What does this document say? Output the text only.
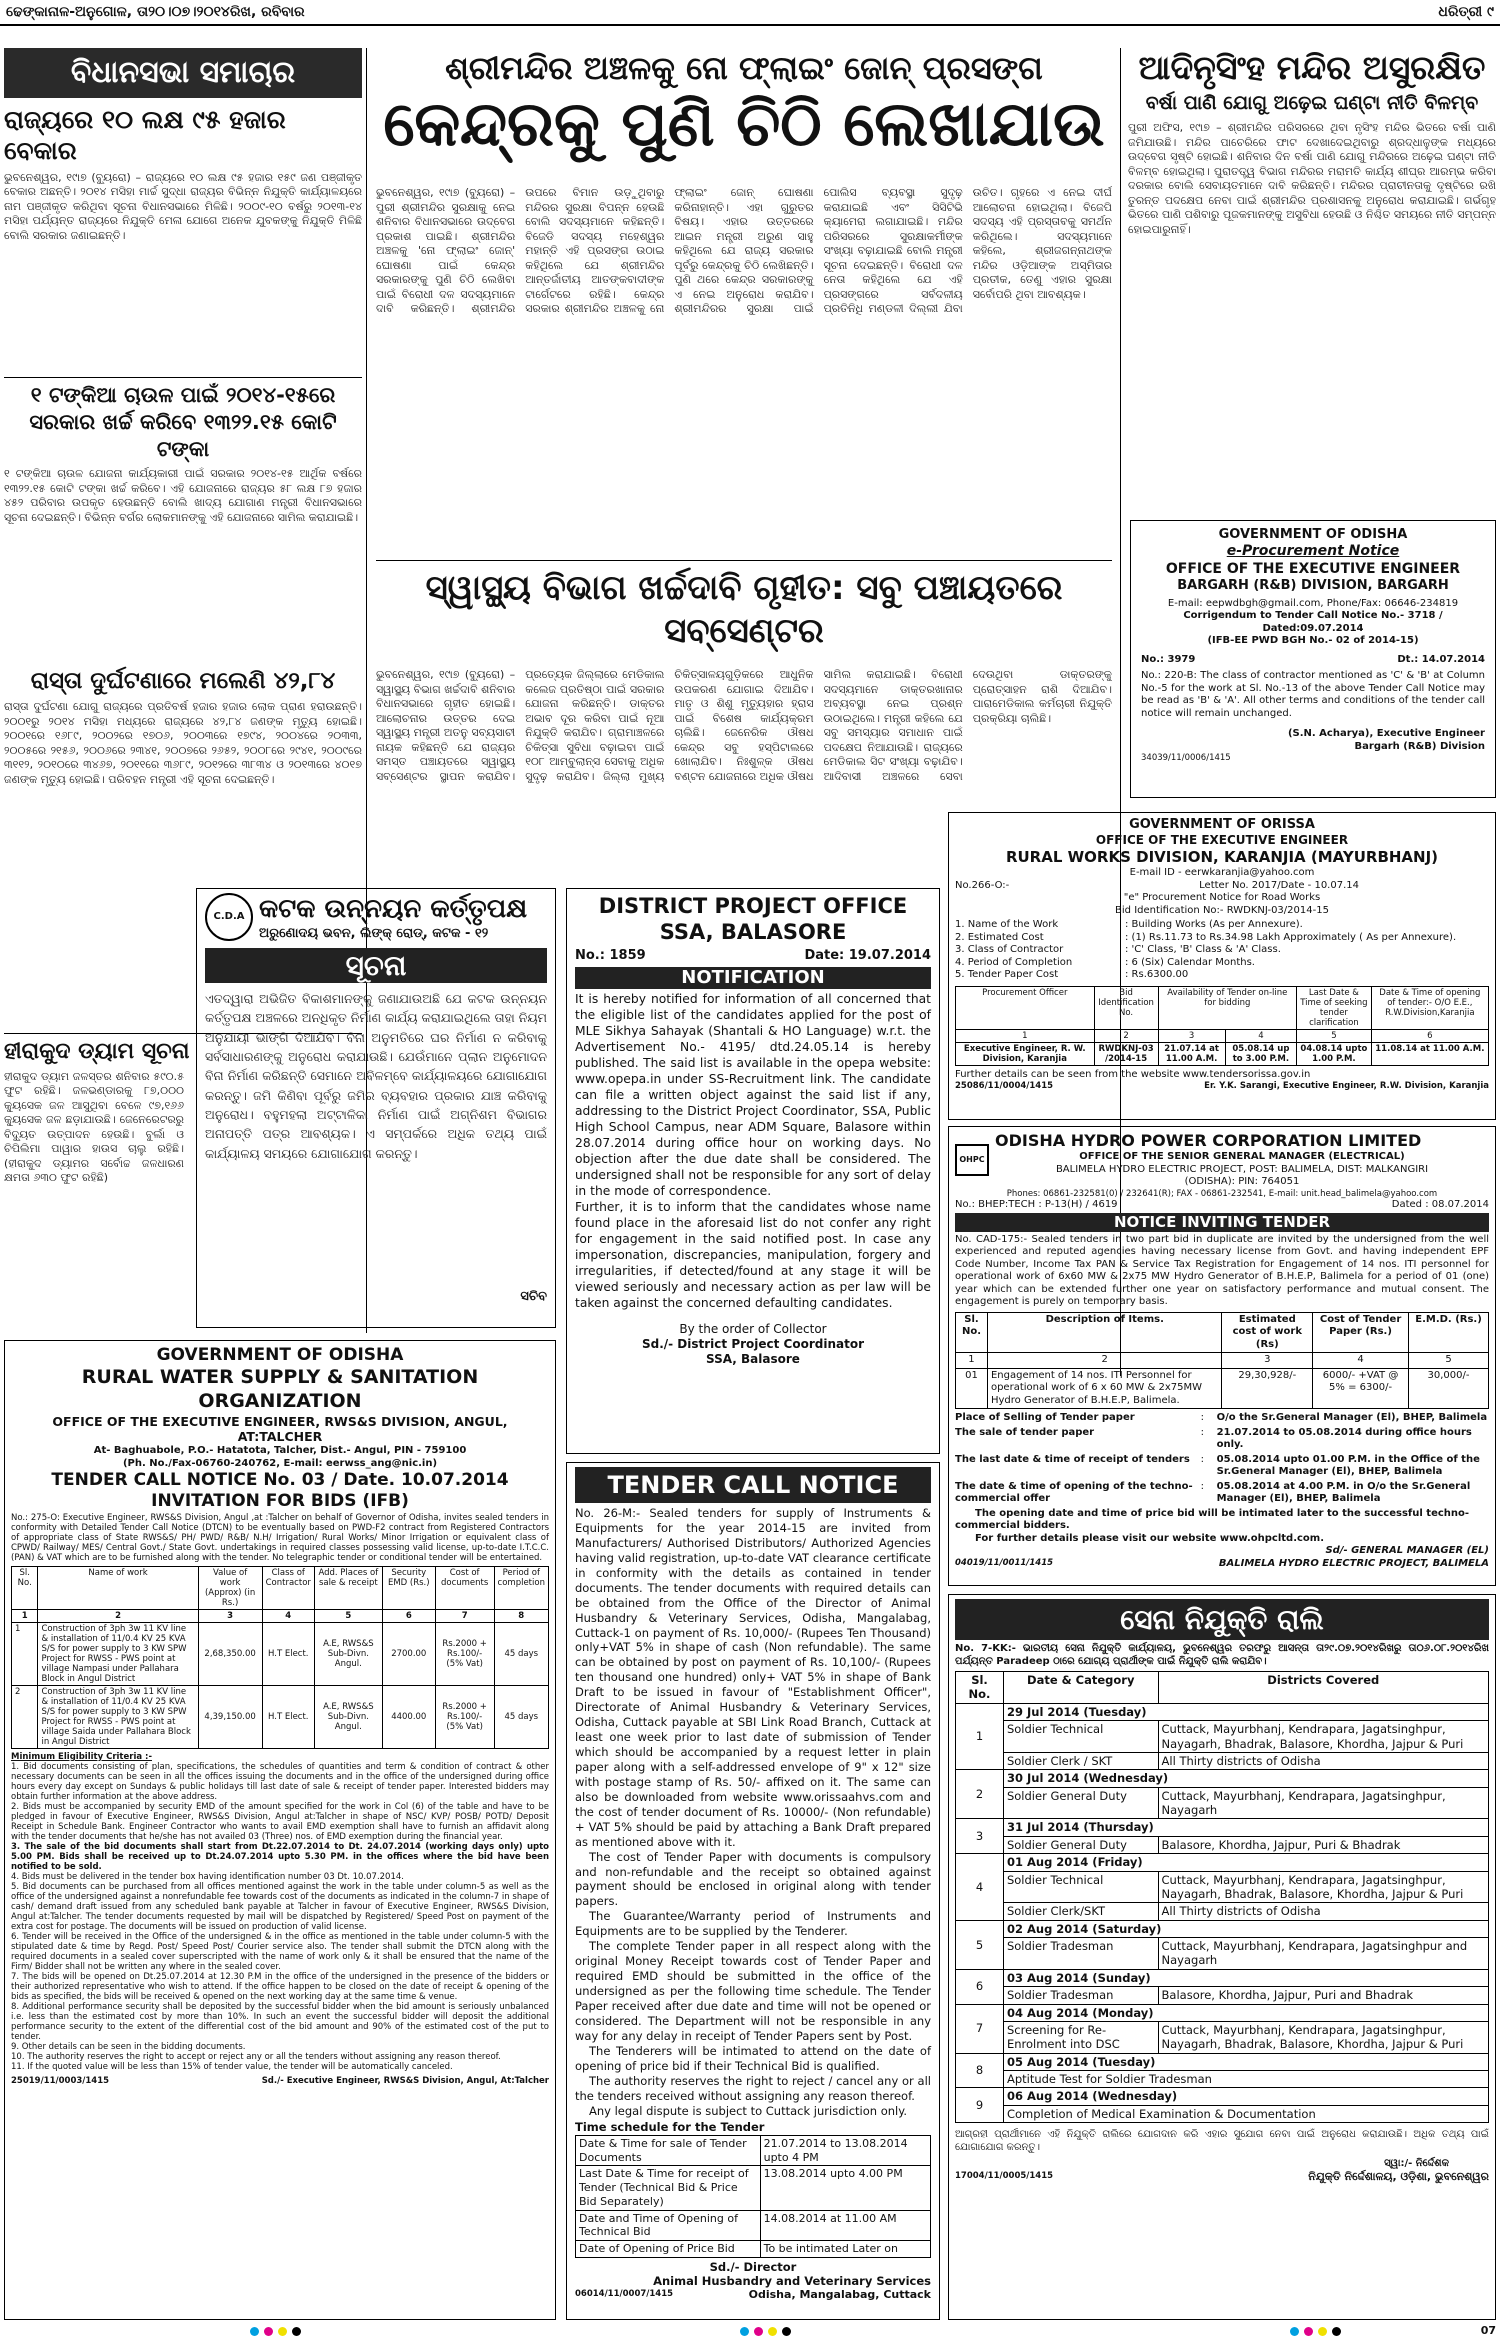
ଢେଙ୍କାନାଳ-ଅନୁଗୋଳ, ତା୨୦।୦୭।୨୦୧୪ରିଖ, ରବିବାର	ଧରିତ୍ରୀ ୯
ବିଧାନସଭା ସମାଚାର
ରାଜ୍ୟରେ ୧୦ ଲକ୍ଷ ୯୫ ହଜାର ବେକାର
ଭୁବନେଶ୍ୱର, ୧୯ା୭ (ବ୍ୟୁରୋ) – ରାଜ୍ୟରେ ୧୦ ଲକ୍ଷ ୯୫ ହଜାର ୧୫୯ ଜଣ ପଞ୍ଜୀକୃତ ବେକାର ଅଛନ୍ତି। ୨୦୧୪ ମସିହା ମାର୍ଚ୍ଚ ସୁଦ୍ଧା ରାଜ୍ୟର ବିଭିନ୍ନ ନିଯୁକ୍ତି କାର୍ଯ୍ୟାଳୟରେ ନାମ ପଞ୍ଜୀକୃତ କରିଥିବା ସୂଚନା ବିଧାନସଭାରେ ମିଳିଛି। ୨୦୦୯-୧୦ ବର୍ଷରୁ ୨୦୧୩-୧୪ ମସିହା ପର୍ଯ୍ୟନ୍ତ ରାଜ୍ୟରେ ନିଯୁକ୍ତି ମେଳା ଯୋଗେ ଅନେକ ଯୁବକଙ୍କୁ ନିଯୁକ୍ତି ମିଳିଛି ବୋଲି ସରକାର ଜଣାଇଛନ୍ତି।
୧ ଟଙ୍କିଆ ଚାଉଳ ପାଇଁ ୨୦୧୪-୧୫ରେ ସରକାର ଖର୍ଚ୍ଚ କରିବେ ୧୩୨୨.୧୫ କୋଟି ଟଙ୍କା
୧ ଟଙ୍କିଆ ଚାଉଳ ଯୋଜନା କାର୍ଯ୍ୟକାରୀ ପାଇଁ ସରକାର ୨୦୧୪-୧୫ ଆର୍ଥିକ ବର୍ଷରେ ୧୩୨୨.୧୫ କୋଟି ଟଙ୍କା ଖର୍ଚ୍ଚ କରିବେ। ଏହି ଯୋଜନାରେ ରାଜ୍ୟର ୫୮ ଲକ୍ଷ ୮୭ ହଜାର ୪୫୨ ପରିବାର ଉପକୃତ ହେଉଛନ୍ତି ବୋଲି ଖାଦ୍ୟ ଯୋଗାଣ ମନ୍ତ୍ରୀ ବିଧାନସଭାରେ ସୂଚନା ଦେଇଛନ୍ତି। ବିଭିନ୍ନ ବର୍ଗର ଲୋକମାନଙ୍କୁ ଏହି ଯୋଜନାରେ ସାମିଲ କରାଯାଇଛି।
ରାସ୍ତା ଦୁର୍ଘଟଣାରେ ମଲେଣି ୪୨,୮୪
ରାସ୍ତା ଦୁର୍ଘଟଣା ଯୋଗୁ ରାଜ୍ୟରେ ପ୍ରତିବର୍ଷ ହଜାର ହଜାର ଲୋକ ପ୍ରାଣ ହରାଉଛନ୍ତି। ୨୦୦୧ରୁ ୨୦୧୪ ମସିହା ମଧ୍ୟରେ ରାଜ୍ୟରେ ୪୨,୮୪ ଜଣଙ୍କ ମୃତ୍ୟୁ ହୋଇଛି। ୨୦୦୧ରେ ୧୬୮୯, ୨୦୦୨ରେ ୧୭୦୬, ୨୦୦୩ରେ ୧୭୯୪, ୨୦୦୪ରେ ୨୦୩୩, ୨୦୦୫ରେ ୨୧୫୬, ୨୦୦୬ରେ ୨୩୪୧, ୨୦୦୭ରେ ୨୬୫୨, ୨୦୦୮ରେ ୨୯୪୧, ୨୦୦୯ରେ ୩୧୧୨, ୨୦୧୦ରେ ୩୪୬୭, ୨୦୧୧ରେ ୩୬୮୯, ୨୦୧୨ରେ ୩୮୩୪ ଓ ୨୦୧୩ରେ ୪୦୧୭ ଜଣଙ୍କ ମୃତ୍ୟୁ ହୋଇଛି। ପରିବହନ ମନ୍ତ୍ରୀ ଏହି ସୂଚନା ଦେଇଛନ୍ତି।
ହୀରାକୁଦ ଡ୍ୟାମ ସୂଚନା
ହୀରାକୁଦ ଡ୍ୟାମ ଜଳସ୍ତର ଶନିବାର ୫୯୦.୫ ଫୁଟ ରହିଛି। ଜଳଭଣ୍ଡାରକୁ ୮୭,୦୦୦ କ୍ୟୁସେକ ଜଳ ଆସୁଥିବା ବେଳେ ୯୭,୧୬୬ କ୍ୟୁସେକ ଜଳ ଛଡ଼ାଯାଉଛି। ଜେନେରେଟରରୁ ବିଦ୍ୟୁତ ଉତ୍ପାଦନ ହେଉଛି। ବୁର୍ଲା ଓ ଚିପିଲିମା ପାୱାର ହାଉସ ଚାଲୁ ରହିଛି। (ହୀରାକୁଦ ଡ୍ୟାମର ସର୍ବୋଚ୍ଚ ଜଳଧାରଣ କ୍ଷମତା ୬୩୦ ଫୁଟ ରହିଛି)
ଶ୍ରୀମନ୍ଦିର ଅଞ୍ଚଳକୁ ନୋ ଫ୍ଲାଇଂ ଜୋନ୍ ପ୍ରସଙ୍ଗ
କେନ୍ଦ୍ରକୁ ପୁଣି ଚିଠି ଲେଖାଯାଉ
ଭୁବନେଶ୍ୱର, ୧୯ା୭ (ବ୍ୟୁରୋ) – ପୁରୀ ଶ୍ରୀମନ୍ଦିର ସୁରକ୍ଷାକୁ ନେଇ ଶନିବାର ବିଧାନସଭାରେ ଉଦ୍‌ବେଗ ପ୍ରକାଶ ପାଇଛି। ଶ୍ରୀମନ୍ଦିର ଅଞ୍ଚଳକୁ 'ନୋ ଫ୍ଲାଇଂ ଜୋନ୍' ଘୋଷଣା ପାଇଁ କେନ୍ଦ୍ର ସରକାରଙ୍କୁ ପୁଣି ଚିଠି ଲେଖିବା ପାଇଁ ବିରୋଧୀ ଦଳ ସଦସ୍ୟମାନେ ଦାବି କରିଛନ୍ତି। ଶ୍ରୀମନ୍ଦିର ଉପରେ ବିମାନ ଉଡ଼ୁଥିବାରୁ ମନ୍ଦିରର ସୁରକ୍ଷା ବିପନ୍ନ ହେଉଛି ବୋଲି ସଦସ୍ୟମାନେ କହିଛନ୍ତି। ବିଜେଡି ସଦସ୍ୟ ମହେଶ୍ୱର ମହାନ୍ତି ଏହି ପ୍ରସଙ୍ଗ ଉଠାଇ କହିଥିଲେ ଯେ ଶ୍ରୀମନ୍ଦିର ଆନ୍ତର୍ଜାତୀୟ ଆତଙ୍କବାଦୀଙ୍କ ଟାର୍ଗେଟରେ ରହିଛି। କେନ୍ଦ୍ର ସରକାର ଶ୍ରୀମନ୍ଦିର ଅଞ୍ଚଳକୁ ନୋ ଫ୍ଲାଇଂ ଜୋନ୍ ଘୋଷଣା କରିନାହାନ୍ତି। ଏହା ଗୁରୁତର ବିଷୟ। ଏହାର ଉତ୍ତରରେ ଆଇନ ମନ୍ତ୍ରୀ ଅରୁଣ ସାହୁ କହିଥିଲେ ଯେ ରାଜ୍ୟ ସରକାର ପୂର୍ବରୁ କେନ୍ଦ୍ରକୁ ଚିଠି ଲେଖିଛନ୍ତି। ପୁଣି ଥରେ କେନ୍ଦ୍ର ସରକାରଙ୍କୁ ଏ ନେଇ ଅନୁରୋଧ କରାଯିବ। ଶ୍ରୀମନ୍ଦିରର ସୁରକ୍ଷା ପାଇଁ ପୋଲିସ ବ୍ୟବସ୍ଥା ସୁଦୃଢ଼ କରାଯାଇଛି ଏବଂ ସିସିଟିଭି କ୍ୟାମେରା ଲଗାଯାଇଛି। ମନ୍ଦିର ପରିସରରେ ସୁରକ୍ଷାକର୍ମୀଙ୍କ ସଂଖ୍ୟା ବଢ଼ାଯାଇଛି ବୋଲି ମନ୍ତ୍ରୀ ସୂଚନା ଦେଇଛନ୍ତି। ବିରୋଧୀ ଦଳ ନେତା କହିଥିଲେ ଯେ ଏହି ପ୍ରସଙ୍ଗରେ ସର୍ବଦଳୀୟ ପ୍ରତିନିଧି ମଣ୍ଡଳୀ ଦିଲ୍ଲୀ ଯିବା ଉଚିତ। ଗୃହରେ ଏ ନେଇ ଦୀର୍ଘ ଆଲୋଚନା ହୋଇଥିଲା। ବିଜେପି ସଦସ୍ୟ ଏହି ପ୍ରସ୍ତାବକୁ ସମର୍ଥନ କରିଥିଲେ। ସଦସ୍ୟମାନେ କହିଲେ, ଶ୍ରୀଜଗନ୍ନାଥଙ୍କ ମନ୍ଦିର ଓଡ଼ିଆଙ୍କ ଅସ୍ମିତାର ପ୍ରତୀକ, ତେଣୁ ଏହାର ସୁରକ୍ଷା ସର୍ବୋପରି ଥିବା ଆବଶ୍ୟକ।
ଆଦିନୃସିଂହ ମନ୍ଦିର ଅସୁରକ୍ଷିତ
ବର୍ଷା ପାଣି ଯୋଗୁ ଅଢ଼େଇ ଘଣ୍ଟା ନୀତି ବିଳମ୍ବ
ପୁରୀ ଅଫିସ, ୧୯ା୭ – ଶ୍ରୀମନ୍ଦିର ପରିସରରେ ଥିବା ନୃସିଂହ ମନ୍ଦିର ଭିତରେ ବର୍ଷା ପାଣି ଜମିଯାଉଛି। ମନ୍ଦିର ପାଚେରିରେ ଫାଟ ଦେଖାଦେଇଥିବାରୁ ଶ୍ରଦ୍ଧାଳୁଙ୍କ ମଧ୍ୟରେ ଉଦ୍‌ବେଗ ସୃଷ୍ଟି ହୋଇଛି। ଶନିବାର ଦିନ ବର୍ଷା ପାଣି ଯୋଗୁ ମନ୍ଦିରରେ ଅଢ଼େଇ ଘଣ୍ଟା ନୀତି ବିଳମ୍ବ ହୋଇଥିଲା। ପୁରାତତ୍ତ୍ୱ ବିଭାଗ ମନ୍ଦିରର ମରାମତି କାର୍ଯ୍ୟ ଶୀଘ୍ର ଆରମ୍ଭ କରିବା ଦରକାର ବୋଲି ସେବାୟତମାନେ ଦାବି କରିଛନ୍ତି। ମନ୍ଦିରର ପ୍ରାଚୀନତାକୁ ଦୃଷ୍ଟିରେ ରଖି ତୁରନ୍ତ ପଦକ୍ଷେପ ନେବା ପାଇଁ ଶ୍ରୀମନ୍ଦିର ପ୍ରଶାସନକୁ ଅନୁରୋଧ କରାଯାଇଛି। ଗର୍ଭଗୃହ ଭିତରେ ପାଣି ପଶିବାରୁ ପୂଜକମାନଙ୍କୁ ଅସୁବିଧା ହେଉଛି ଓ ନିଶ୍ଚିତ ସମୟରେ ନୀତି ସମ୍ପନ୍ନ ହୋଇପାରୁନାହିଁ।
ସ୍ୱାସ୍ଥ୍ୟ ବିଭାଗ ଖର୍ଚ୍ଚଦାବି ଗୃହୀତ: ସବୁ ପଞ୍ଚାୟତରେ ସବ୍‌ସେଣ୍ଟର
ଭୁବନେଶ୍ୱର, ୧୯ା୭ (ବ୍ୟୁରୋ) – ସ୍ୱାସ୍ଥ୍ୟ ବିଭାଗ ଖର୍ଚ୍ଚଦାବି ଶନିବାର ବିଧାନସଭାରେ ଗୃହୀତ ହୋଇଛି। ଆଲୋଚନାର ଉତ୍ତର ଦେଇ ସ୍ୱାସ୍ଥ୍ୟ ମନ୍ତ୍ରୀ ଅତନୁ ସବ୍ୟସାଚୀ ନାୟକ କହିଛନ୍ତି ଯେ ରାଜ୍ୟର ସମସ୍ତ ପଞ୍ଚାୟତରେ ସ୍ୱାସ୍ଥ୍ୟ ସବ୍‌ସେଣ୍ଟର ସ୍ଥାପନ କରାଯିବ। ପ୍ରତ୍ୟେକ ଜିଲ୍ଲାରେ ମେଡିକାଲ କଲେଜ ପ୍ରତିଷ୍ଠା ପାଇଁ ସରକାର ଯୋଜନା କରିଛନ୍ତି। ଡାକ୍ତର ଅଭାବ ଦୂର କରିବା ପାଇଁ ନୂଆ ନିଯୁକ୍ତି କରାଯିବ। ଗ୍ରାମାଞ୍ଚଳରେ ଚିକିତ୍ସା ସୁବିଧା ବଢ଼ାଇବା ପାଇଁ ୧୦୮ ଆମ୍ବୁଲାନ୍ସ ସେବାକୁ ଅଧିକ ସୁଦୃଢ଼ କରାଯିବ। ଜିଲ୍ଲା ମୁଖ୍ୟ ଚିକିତ୍ସାଳୟଗୁଡ଼ିକରେ ଆଧୁନିକ ଉପକରଣ ଯୋଗାଇ ଦିଆଯିବ। ମାତୃ ଓ ଶିଶୁ ମୃତ୍ୟୁହାର ହ୍ରାସ ପାଇଁ ବିଶେଷ କାର୍ଯ୍ୟକ୍ରମ ଚାଲିଛି। ଜେନେରିକ ଔଷଧ କେନ୍ଦ୍ର ସବୁ ହସ୍ପିଟାଲରେ ଖୋଲାଯିବ। ନିଃଶୁଳ୍କ ଔଷଧ ବଣ୍ଟନ ଯୋଜନାରେ ଅଧିକ ଔଷଧ ସାମିଲ କରାଯାଇଛି। ବିରୋଧୀ ସଦସ୍ୟମାନେ ଡାକ୍ତରଖାନାର ଅବ୍ୟବସ୍ଥା ନେଇ ପ୍ରଶ୍ନ ଉଠାଇଥିଲେ। ମନ୍ତ୍ରୀ କହିଲେ ଯେ ସବୁ ସମସ୍ୟାର ସମାଧାନ ପାଇଁ ପଦକ୍ଷେପ ନିଆଯାଉଛି। ରାଜ୍ୟରେ ମେଡିକାଲ ସିଟ ସଂଖ୍ୟା ବଢ଼ାଯିବ। ଆଦିବାସୀ ଅଞ୍ଚଳରେ ସେବା ଦେଉଥିବା ଡାକ୍ତରଙ୍କୁ ପ୍ରୋତ୍ସାହନ ରାଶି ଦିଆଯିବ। ପାରାମେଡିକାଲ କର୍ମଚାରୀ ନିଯୁକ୍ତି ପ୍ରକ୍ରିୟା ଚାଲିଛି।
GOVERNMENT OF ODISHA
e-Procurement Notice
OFFICE OF THE EXECUTIVE ENGINEER
BARGARH (R&B) DIVISION, BARGARH
E-mail: eepwdbgh@gmail.com, Phone/Fax: 06646-234819
Corrigendum to Tender Call Notice No.- 3718 / Dated:09.07.2014
(IFB-EE PWD BGH No.- 02 of 2014-15)
No.: 3979	Dt.: 14.07.2014
No.: 220-B: The class of contractor mentioned as 'C' & 'B' at Column No.-5 for the work at Sl. No.-13 of the above Tender Call Notice may be read as 'B' & 'A'. All other terms and conditions of the tender call notice will remain unchanged.
(S.N. Acharya), Executive Engineer
Bargarh (R&B) Division
34039/11/0006/1415
GOVERNMENT OF ORISSA
OFFICE OF THE EXECUTIVE ENGINEER
RURAL WORKS DIVISION, KARANJIA (MAYURBHANJ)
E-mail ID - eerwkaranjia@yahoo.com
No.266-O:-	Letter No. 2017/Date - 10.07.14
"e" Procurement Notice for Road Works
Bid Identification No:- RWDKNJ-03/2014-15
1. Name of the Work	: Building Works (As per Annexure).
2. Estimated Cost	: (1) Rs.11.73 to Rs.34.98 Lakh Approximately ( As per Annexure).
3. Class of Contractor	: 'C' Class, 'B' Class & 'A' Class.
4. Period of Completion	: 6 (Six) Calendar Months.
5. Tender Paper Cost	: Rs.6300.00
Procurement Officer	Bid Identification No.	Availability of Tender on-line for bidding		Last Date & Time of seeking tender clarification	Date & Time of opening of tender:- O/O E.E., R.W.Division,Karanjia
1	2	3	4	5	6
Executive Engineer, R. W. Division, Karanjia	RWDKNJ-03 /2014-15	21.07.14 at 11.00 A.M.	05.08.14 up to 3.00 P.M.	04.08.14 upto 1.00 P.M.	11.08.14 at 11.00 A.M.
Further details can be seen from the website www.tendersorissa.gov.in
25086/11/0004/1415	Er. Y.K. Sarangi, Executive Engineer, R.W. Division, Karanjia
C.D.A କଟକ ଉନ୍ନୟନ କର୍ତ୍ତୃପକ୍ଷ
ଅରୁଣୋଦୟ ଭବନ, ଲିଙ୍କ୍ ରୋଡ୍, କଟକ - ୧୨
ସୂଚନା
ଏତଦ୍ୱାରା ଅଭିଜିତ ବିକାଶମାନଙ୍କୁ ଜଣାଯାଉଅଛି ଯେ କଟକ ଉନ୍ନୟନ କର୍ତ୍ତୃପକ୍ଷ ଅଞ୍ଚଳରେ ଅନଧିକୃତ ନିର୍ମାଣ କାର୍ଯ୍ୟ କରାଯାଇଥିଲେ ତାହା ନିୟମ ଅନୁଯାୟୀ ଭାଙ୍ଗି ଦିଆଯିବ। ବିନା ଅନୁମତିରେ ଘର ନିର୍ମାଣ ନ କରିବାକୁ ସର୍ବସାଧାରଣଙ୍କୁ ଅନୁରୋଧ କରାଯାଉଛି। ଯେଉଁମାନେ ପ୍ଲାନ ଅନୁମୋଦନ ବିନା ନିର୍ମାଣ କରିଛନ୍ତି ସେମାନେ ଅବିଳମ୍ବେ କାର୍ଯ୍ୟାଳୟରେ ଯୋଗାଯୋଗ କରନ୍ତୁ। ଜମି କିଣିବା ପୂର୍ବରୁ ଜମିର ବ୍ୟବହାର ପ୍ରକାର ଯାଞ୍ଚ କରିବାକୁ ଅନୁରୋଧ। ବହୁମହଲା ଅଟ୍ଟାଳିକା ନିର୍ମାଣ ପାଇଁ ଅଗ୍ନିଶମ ବିଭାଗର ଅନାପତ୍ତି ପତ୍ର ଆବଶ୍ୟକ। ଏ ସମ୍ପର୍କରେ ଅଧିକ ତଥ୍ୟ ପାଇଁ କାର୍ଯ୍ୟାଳୟ ସମୟରେ ଯୋଗାଯୋଗ କରନ୍ତୁ।
ସଚିବ
DISTRICT PROJECT OFFICE
SSA, BALASORE
No.: 1859	Date: 19.07.2014
NOTIFICATION
It is hereby notified for information of all concerned that the eligible list of the candidates applied for the post of MLE Sikhya Sahayak (Shantali & HO Language) w.r.t. the Advertisement No.- 4195/ dtd.24.05.14 is hereby published. The said list is available in the opepa website: www.opepa.in under SS-Recruitment link. The candidate can file a written object against the said list if any, addressing to the District Project Coordinator, SSA, Public High School Campus, near ADM Square, Balasore within 28.07.2014 during office hour on working days. No objection after the due date shall be considered. The undersigned shall not be responsible for any sort of delay in the mode of correspondence.
Further, it is to inform that the candidates whose name found place in the aforesaid list do not confer any right for engagement in the said notified post. In case any impersonation, discrepancies, manipulation, forgery and irregularities, if detected/found at any stage it will be viewed seriously and necessary action as per law will be taken against the concerned defaulting candidates.
By the order of Collector
Sd./- District Project Coordinator
SSA, Balasore
OHPC
ODISHA HYDRO POWER CORPORATION LIMITED
OFFICE OF THE SENIOR GENERAL MANAGER (ELECTRICAL)
BALIMELA HYDRO ELECTRIC PROJECT, POST: BALIMELA, DIST: MALKANGIRI
(ODISHA): PIN: 764051
Phones: 06861-232581(0) / 232641(R); FAX - 06861-232541, E-mail: unit.head_balimela@yahoo.com
No.: BHEP:TECH : P-13(H) / 4619	Dated : 08.07.2014
NOTICE INVITING TENDER
No. CAD-175:- Sealed tenders in two part bid in duplicate are invited by the undersigned from the well experienced and reputed agencies having necessary license from Govt. and having independent EPF Code Number, Income Tax PAN & Service Tax Registration for Engagement of 14 nos. ITI personnel for operational work of 6x60 MW & 2x75 MW Hydro Generator of B.H.E.P, Balimela for a period of 01 (one) year which can be extended further one year on satisfactory performance and mutual consent. The engagement is purely on temporary basis.
Sl. No.	Description of Items.	Estimated cost of work (Rs)	Cost of Tender Paper (Rs.)	E.M.D. (Rs.)
1	2	3	4	5
01	Engagement of 14 nos. ITI Personnel for operational work of 6 x 60 MW & 2x75MW Hydro Generator of B.H.E.P, Balimela.	29,30,928/-	6000/- +VAT @ 5% = 6300/-	30,000/-
Place of Selling of Tender paper	:	O/o the Sr.General Manager (El), BHEP, Balimela
The sale of tender paper	:	21.07.2014 to 05.08.2014 during office hours only.
The last date & time of receipt of tenders	:	05.08.2014 upto 01.00 P.M. in the Office of the Sr.General Manager (El), BHEP, Balimela
The date & time of opening of the techno-commercial offer
:	05.08.2014 at 4.00 P.M. in O/o the Sr.General Manager (El), BHEP, Balimela
The opening date and time of price bid will be intimated later to the successful techno-commercial bidders.
For further details please visit our website www.ohpcltd.com.
Sd/- GENERAL MANAGER (EL)
04019/11/0011/1415	BALIMELA HYDRO ELECTRIC PROJECT, BALIMELA
GOVERNMENT OF ODISHA
RURAL WATER SUPPLY & SANITATION ORGANIZATION
OFFICE OF THE EXECUTIVE ENGINEER, RWS&S DIVISION, ANGUL, AT:TALCHER
At- Baghuabole, P.O.- Hatatota, Talcher, Dist.- Angul, PIN - 759100
(Ph. No./Fax-06760-240762, E-mail: eerwss_ang@nic.in)
TENDER CALL NOTICE No. 03 / Date. 10.07.2014
INVITATION FOR BIDS (IFB)
No.: 275-O: Executive Engineer, RWS&S Division, Angul ,at :Talcher on behalf of Governor of Odisha, invites sealed tenders in conformity with Detailed Tender Call Notice (DTCN) to be eventually based on PWD-F2 contract from Registered Contractors of appropriate class of State RWS&S/ PH/ PWD/ R&B/ N.H/ Irrigation/ Rural Works/ Minor Irrigation or equivalent class of CPWD/ Railway/ MES/ Central Govt./ State Govt. undertakings in required classes possessing valid license, up-to-date I.T.C.C. (PAN) & VAT which are to be furnished along with the tender. No telegraphic tender or conditional tender will be entertained.
Sl. No.	Name of work	Value of work (Approx) (in Rs.)	Class of Contractor	Add. Places of sale & receipt	Security EMD (Rs.)	Cost of documents	Period of completion
1	2	3	4	5	6	7	8
1	Construction of 3ph 3w 11 KV line & installation of 11/0.4 KV 25 KVA S/S for power supply to 3 KW SPW Project for RWSS - PWS point at village Nampasi under Pallahara Block in Angul District	2,68,350.00	H.T Elect.	A.E, RWS&S Sub-Divn. Angul.	2700.00	Rs.2000 + Rs.100/- (5% Vat)	45 days
2	Construction of 3ph 3w 11 KV line & installation of 11/0.4 KV 25 KVA S/S for power supply to 3 KW SPW Project for RWSS - PWS point at village Saida under Pallahara Block in Angul District	4,39,150.00	H.T Elect.	A.E, RWS&S Sub-Divn. Angul.	4400.00	Rs.2000 + Rs.100/- (5% Vat)	45 days
Minimum Eligibility Criteria :-
1. Bid documents consisting of plan, specifications, the schedules of quantities and term & condition of contract & other necessary documents can be seen in all the offices issuing the documents and in the office of the undersigned during office hours every day except on Sundays & public holidays till last date of sale & receipt of tender paper. Interested bidders may obtain further information at the above address.
2. Bids must be accompanied by security EMD of the amount specified for the work in Col (6) of the table and have to be pledged in favour of Executive Engineer, RWS&S Division, Angul at:Talcher in shape of NSC/ KVP/ POSB/ POTD/ Deposit Receipt in Schedule Bank. Engineer Contractor who wants to avail EMD exemption shall have to furnish an affidavit along with the tender documents that he/she has not availed 03 (Three) nos. of EMD exemption during the financial year.
3. The sale of the bid documents shall start from Dt.22.07.2014 to Dt. 24.07.2014 (working days only) upto 5.00 PM. Bids shall be received up to Dt.24.07.2014 upto 5.30 PM. in the offices where the bid have been notified to be sold.
4. Bids must be delivered in the tender box having identification number 03 Dt. 10.07.2014.
5. Bid documents can be purchased from all offices mentioned against the work in the table under column-5 as well as the office of the undersigned against a nonrefundable fee towards cost of the documents as indicated in the column-7 in shape of cash/ demand draft issued from any scheduled bank payable at Talcher in favour of Executive Engineer, RWS&S Division, Angul at:Talcher. The tender documents requested by mail will be dispatched by Registered/ Speed Post on payment of the extra cost for postage. The documents will be issued on production of valid license.
6. Tender will be received in the Office of the undersigned & in the office as mentioned in the table under column-5 with the stipulated date & time by Regd. Post/ Speed Post/ Courier service also. The tender shall submit the DTCN along with the required documents in a sealed cover superscripted with the name of work only & it shall be ensured that the name of the Firm/ Bidder shall not be written any where in the sealed cover.
7. The bids will be opened on Dt.25.07.2014 at 12.30 P.M in the office of the undersigned in the presence of the bidders or their authorized representative who wish to attend. If the office happen to be closed on the date of receipt & opening of the bids as specified, the bids will be received & opened on the next working day at the same time & venue.
8. Additional performance security shall be deposited by the successful bidder when the bid amount is seriously unbalanced i.e. less than the estimated cost by more than 10%. In such an event the successful bidder will deposit the additional performance security to the extent of the differential cost of the bid amount and 90% of the estimated cost of the put to tender.
9. Other details can be seen in the bidding documents.
10. The authority reserves the right to accept or reject any or all the tenders without assigning any reason thereof.
11. If the quoted value will be less than 15% of tender value, the tender will be automatically canceled.
25019/11/0003/1415	Sd./- Executive Engineer, RWS&S Division, Angul, At:Talcher
TENDER CALL NOTICE
No. 26-M:- Sealed tenders for supply of Instruments & Equipments for the year 2014-15 are invited from Manufacturers/ Authorised Distributors/ Authorized Agencies having valid registration, up-to-date VAT clearance certificate in conformity with the details as contained in tender documents. The tender documents with required details can be obtained from the Office of the Director of Animal Husbandry & Veterinary Services, Odisha, Mangalabag, Cuttack-1 on payment of Rs. 10,000/- (Rupees Ten Thousand) only+VAT 5% in shape of cash (Non refundable). The same can be obtained by post on payment of Rs. 10,100/- (Rupees ten thousand one hundred) only+ VAT 5% in shape of Bank Draft to be issued in favour of "Establishment Officer", Directorate of Animal Husbandry & Veterinary Services, Odisha, Cuttack payable at SBI Link Road Branch, Cuttack at least one week prior to last date of submission of Tender which should be accompanied by a request letter in plain paper along with a self-addressed envelope of 9" x 12" size with postage stamp of Rs. 50/- affixed on it. The same can also be downloaded from website www.orissaahvs.com and the cost of tender document of Rs. 10000/- (Non refundable) + VAT 5% should be paid by attaching a Bank Draft prepared as mentioned above with it.
The cost of Tender Paper with documents is compulsory and non-refundable and the receipt so obtained against payment should be enclosed in original along with tender papers.
The Guarantee/Warranty period of Instruments and Equipments are to be supplied by the Tenderer.
The complete Tender paper in all respect along with the original Money Receipt towards cost of Tender Paper and required EMD should be submitted in the office of the undersigned as per the following time schedule. The Tender Paper received after due date and time will not be opened or considered. The Department will not be responsible in any way for any delay in receipt of Tender Papers sent by Post.
The Tenderers will be intimated to attend on the date of opening of price bid if their Technical Bid is qualified.
The authority reserves the right to reject / cancel any or all the tenders received without assigning any reason thereof.
Any legal dispute is subject to Cuttack jurisdiction only.
Time schedule for the Tender
Date & Time for sale of Tender Documents	21.07.2014 to 13.08.2014 upto 4 PM
Last Date & Time for receipt of Tender (Technical Bid & Price Bid Separately)	13.08.2014 upto 4.00 PM
Date and Time of Opening of Technical Bid	14.08.2014 at 11.00 AM
Date of Opening of Price Bid	To be intimated Later on
Sd./- Director
Animal Husbandry and Veterinary Services
06014/11/0007/1415	Odisha, Mangalabag, Cuttack
ସେନା ନିଯୁକ୍ତି ରାଲି
No. 7-KK:- ଭାରତୀୟ ସେନା ନିଯୁକ୍ତି କାର୍ଯ୍ୟାଳୟ, ଭୁବନେଶ୍ୱର ତରଫରୁ ଆସନ୍ତା ତା୨୯.୦୭.୨୦୧୪ରିଖରୁ ତା୦୬.୦୮.୨୦୧୪ରିଖ ପର୍ଯ୍ୟନ୍ତ Paradeep ଠାରେ ଯୋଗ୍ୟ ପ୍ରାର୍ଥୀଙ୍କ ପାଇଁ ନିଯୁକ୍ତି ରାଲି କରାଯିବ।
Sl. No.	Date & Category	Districts Covered
1	29 Jul 2014 (Tuesday)	
	Soldier Technical	Cuttack, Mayurbhanj, Kendrapara, Jagatsinghpur, Nayagarh, Bhadrak, Balasore, Khordha, Jajpur & Puri
	Soldier Clerk / SKT	All Thirty districts of Odisha
2	30 Jul 2014 (Wednesday)	
	Soldier General Duty	Cuttack, Mayurbhanj, Kendrapara, Jagatsinghpur, Nayagarh
3	31 Jul 2014 (Thursday)	
	Soldier General Duty	Balasore, Khordha, Jajpur, Puri & Bhadrak
4	01 Aug 2014 (Friday)	
	Soldier Technical	Cuttack, Mayurbhanj, Kendrapara, Jagatsinghpur, Nayagarh, Bhadrak, Balasore, Khordha, Jajpur & Puri
	Soldier Clerk/SKT	All Thirty districts of Odisha
5	02 Aug 2014 (Saturday)	
	Soldier Tradesman	Cuttack, Mayurbhanj, Kendrapara, Jagatsinghpur and Nayagarh
6	03 Aug 2014 (Sunday)	
	Soldier Tradesman	Balasore, Khordha, Jajpur, Puri and Bhadrak
7	04 Aug 2014 (Monday)	
	Screening for Re-Enrolment into DSC	Cuttack, Mayurbhanj, Kendrapara, Jagatsinghpur, Nayagarh, Bhadrak, Balasore, Khordha, Jajpur & Puri
8	05 Aug 2014 (Tuesday)	
	Aptitude Test for Soldier Tradesman	
9	06 Aug 2014 (Wednesday)	
	Completion of Medical Examination & Documentation	
ଆଗ୍ରହୀ ପ୍ରାର୍ଥୀମାନେ ଏହି ନିଯୁକ୍ତି ରାଲିରେ ଯୋଗଦାନ କରି ଏହାର ସୁଯୋଗ ନେବା ପାଇଁ ଅନୁରୋଧ କରାଯାଉଛି। ଅଧିକ ତଥ୍ୟ ପାଇଁ ଯୋଗାଯୋଗ କରନ୍ତୁ।
ସ୍ୱା:/- ନିର୍ଦ୍ଦେଶକ
17004/11/0005/1415	ନିଯୁକ୍ତି ନିର୍ଦ୍ଦେଶାଳୟ, ଓଡ଼ିଶା, ଭୁବନେଶ୍ୱର
07
